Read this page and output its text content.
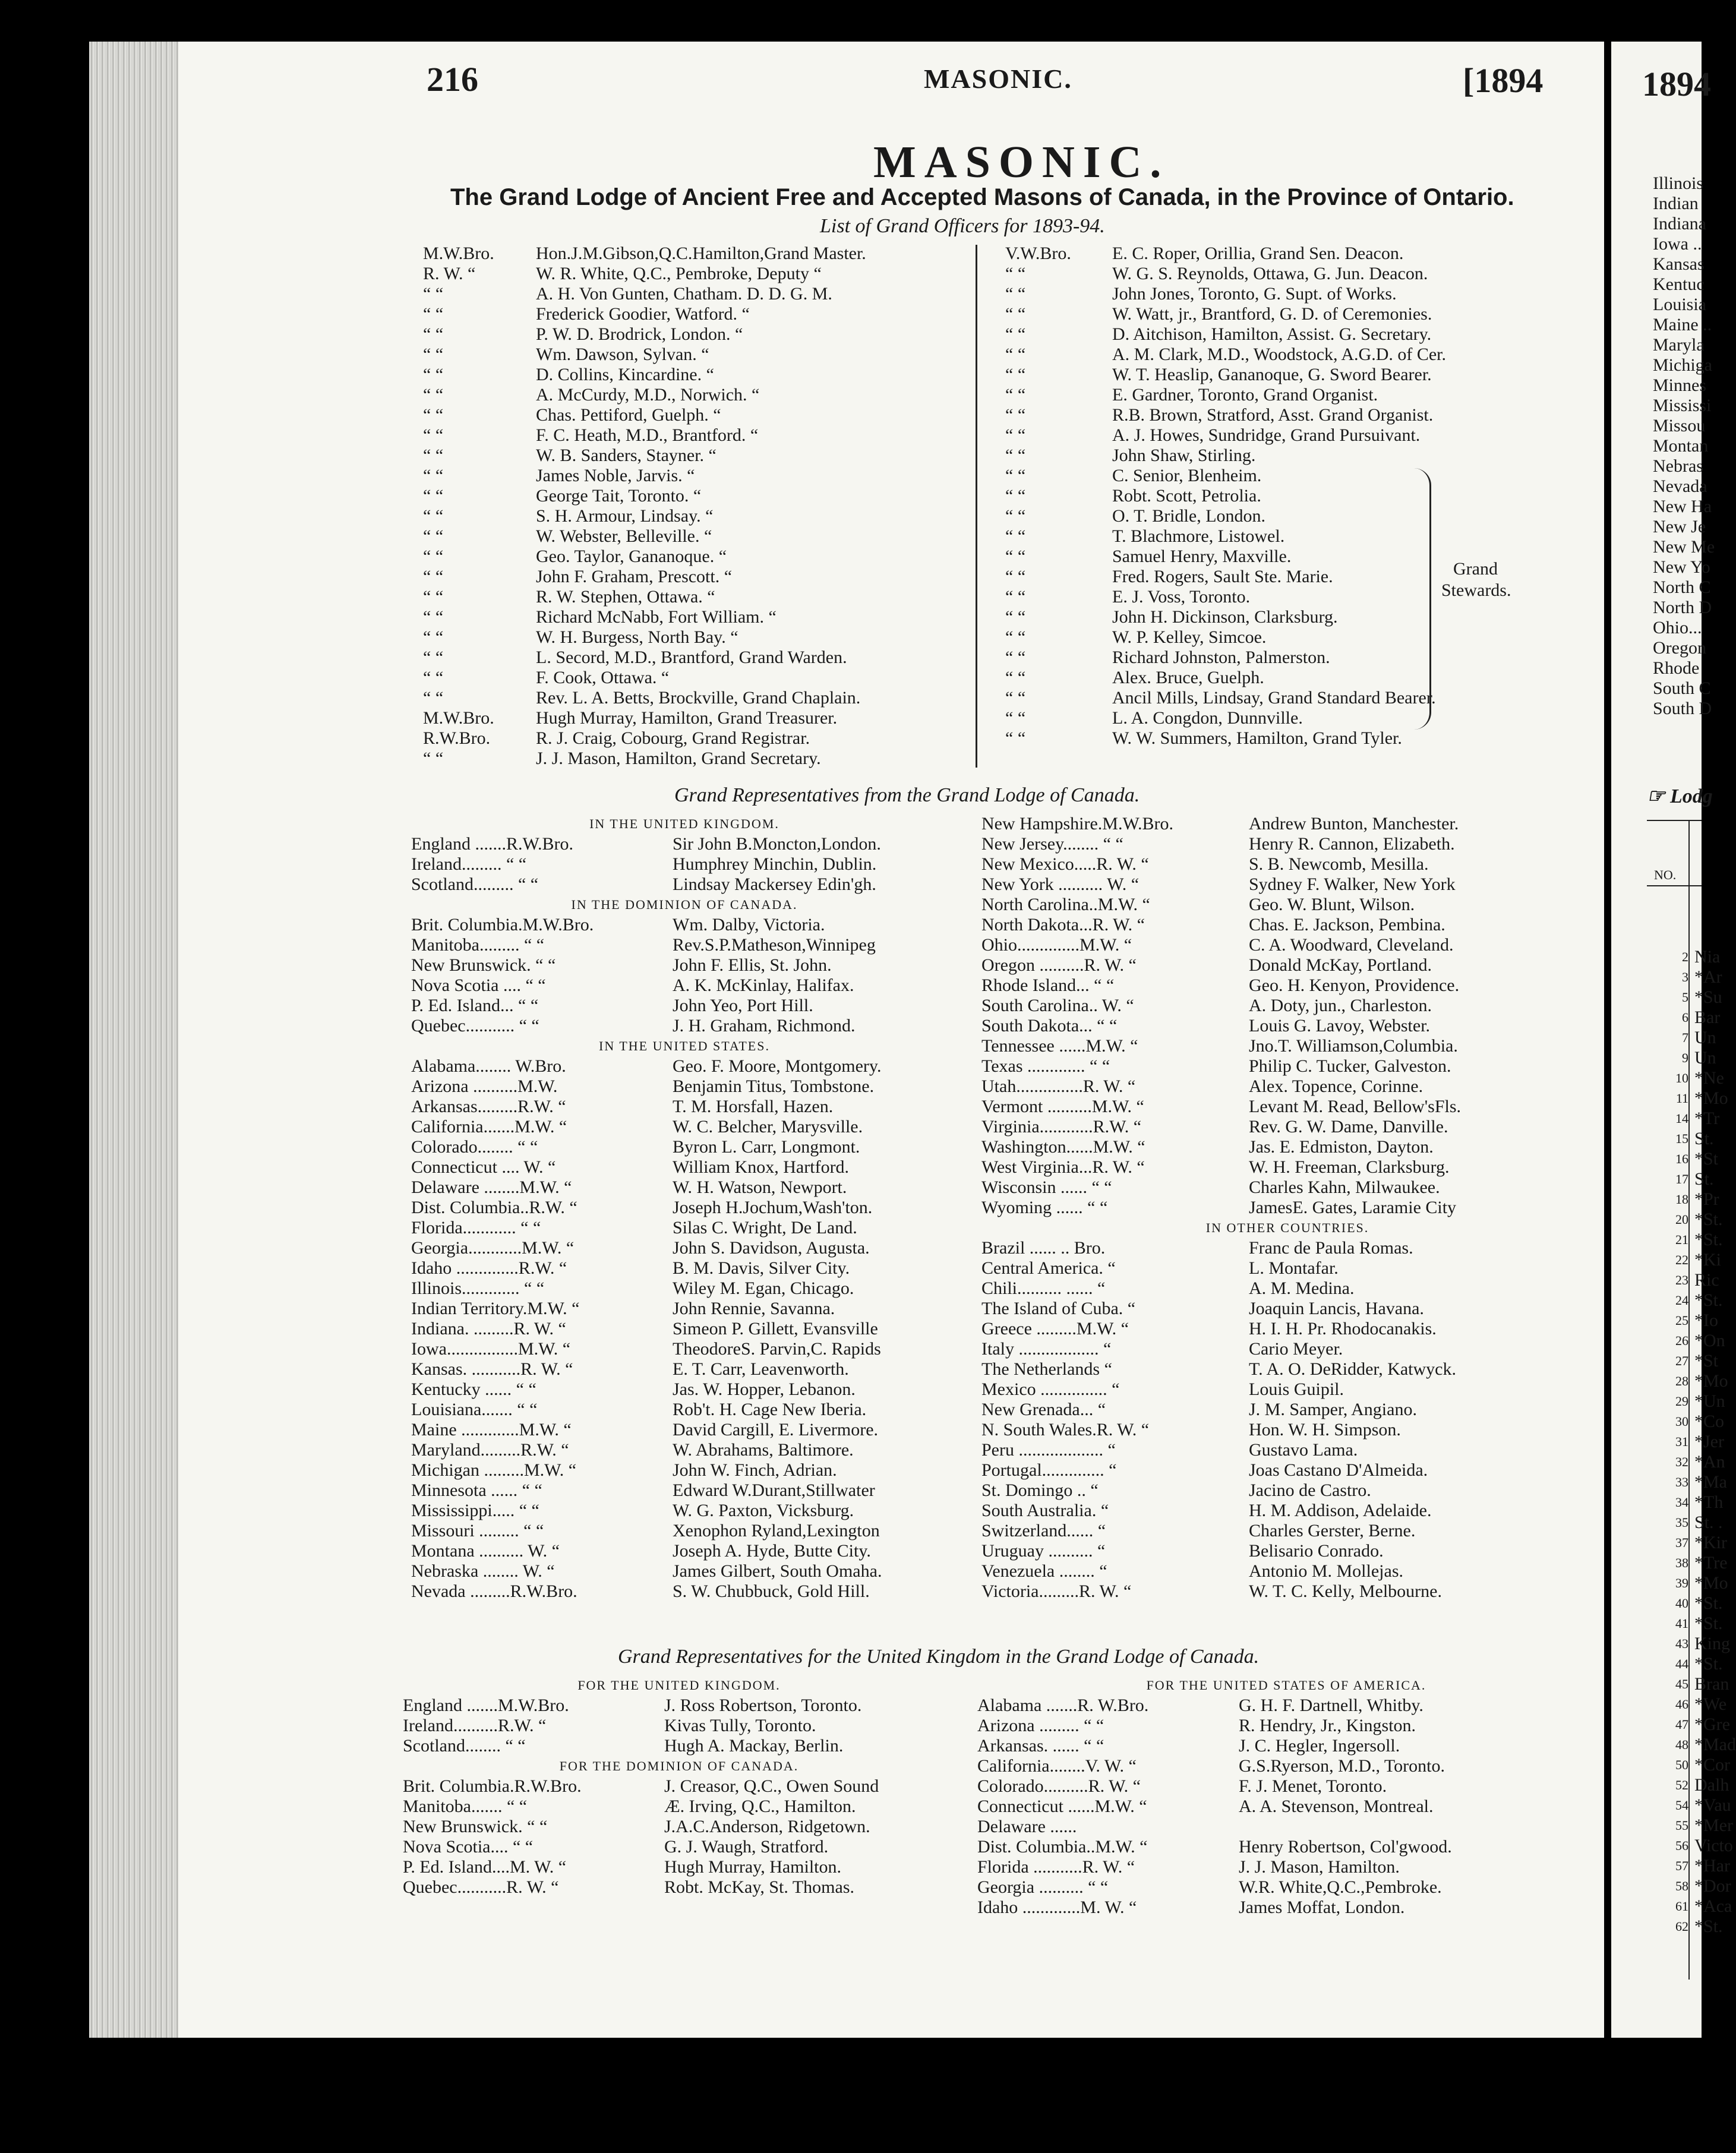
216	MASONIC.	[1894
MASONIC.
The Grand Lodge of Ancient Free and Accepted Masons of Canada, in the Province of Ontario.
List of Grand Officers for 1893-94.
M.W.Bro.	Hon.J.M.Gibson,Q.C.Hamilton,Grand Master.
R. W. “	W. R. White, Q.C., Pembroke, Deputy “
“ “	A. H. Von Gunten, Chatham. D. D. G. M.
“ “	Frederick Goodier, Watford. “
“ “	P. W. D. Brodrick, London. “
“ “	Wm. Dawson, Sylvan. “
“ “	D. Collins, Kincardine. “
“ “	A. McCurdy, M.D., Norwich. “
“ “	Chas. Pettiford, Guelph. “
“ “	F. C. Heath, M.D., Brantford. “
“ “	W. B. Sanders, Stayner. “
“ “	James Noble, Jarvis. “
“ “	George Tait, Toronto. “
“ “	S. H. Armour, Lindsay. “
“ “	W. Webster, Belleville. “
“ “	Geo. Taylor, Gananoque. “
“ “	John F. Graham, Prescott. “
“ “	R. W. Stephen, Ottawa. “
“ “	Richard McNabb, Fort William. “
“ “	W. H. Burgess, North Bay. “
“ “	L. Secord, M.D., Brantford, Grand Warden.
“ “	F. Cook, Ottawa. “
“ “	Rev. L. A. Betts, Brockville, Grand Chaplain.
M.W.Bro.	Hugh Murray, Hamilton, Grand Treasurer.
R.W.Bro.	R. J. Craig, Cobourg, Grand Registrar.
“ “	J. J. Mason, Hamilton, Grand Secretary.
V.W.Bro.	E. C. Roper, Orillia, Grand Sen. Deacon.
“ “	W. G. S. Reynolds, Ottawa, G. Jun. Deacon.
“ “	John Jones, Toronto, G. Supt. of Works.
“ “	W. Watt, jr., Brantford, G. D. of Ceremonies.
“ “	D. Aitchison, Hamilton, Assist. G. Secretary.
“ “	A. M. Clark, M.D., Woodstock, A.G.D. of Cer.
“ “	W. T. Heaslip, Gananoque, G. Sword Bearer.
“ “	E. Gardner, Toronto, Grand Organist.
“ “	R.B. Brown, Stratford, Asst. Grand Organist.
“ “	A. J. Howes, Sundridge, Grand Pursuivant.
“ “	John Shaw, Stirling.
“ “	C. Senior, Blenheim.
“ “	Robt. Scott, Petrolia.
“ “	O. T. Bridle, London.
“ “	T. Blachmore, Listowel.
“ “	Samuel Henry, Maxville.
“ “	Fred. Rogers, Sault Ste. Marie.
“ “	E. J. Voss, Toronto.
“ “	John H. Dickinson, Clarksburg.
“ “	W. P. Kelley, Simcoe.
“ “	Richard Johnston, Palmerston.
“ “	Alex. Bruce, Guelph.
“ “	Ancil Mills, Lindsay, Grand Standard Bearer.
“ “	L. A. Congdon, Dunnville.
“ “	W. W. Summers, Hamilton, Grand Tyler.
Grand
Stewards.
Grand Representatives from the Grand Lodge of Canada.
IN THE UNITED KINGDOM.
England .......R.W.Bro.	Sir John B.Moncton,London.
Ireland......... “ “	Humphrey Minchin, Dublin.
Scotland......... “ “	Lindsay Mackersey Edin'gh.
IN THE DOMINION OF CANADA.
Brit. Columbia.M.W.Bro.	Wm. Dalby, Victoria.
Manitoba......... “ “	Rev.S.P.Matheson,Winnipeg
New Brunswick. “ “	John F. Ellis, St. John.
Nova Scotia .... “ “	A. K. McKinlay, Halifax.
P. Ed. Island... “ “	John Yeo, Port Hill.
Quebec........... “ “	J. H. Graham, Richmond.
IN THE UNITED STATES.
Alabama........ W.Bro.	Geo. F. Moore, Montgomery.
Arizona ..........M.W.	Benjamin Titus, Tombstone.
Arkansas.........R.W. “	T. M. Horsfall, Hazen.
California.......M.W. “	W. C. Belcher, Marysville.
Colorado........ “ “	Byron L. Carr, Longmont.
Connecticut .... W. “	William Knox, Hartford.
Delaware ........M.W. “	W. H. Watson, Newport.
Dist. Columbia..R.W. “	Joseph H.Jochum,Wash'ton.
Florida............ “ “	Silas C. Wright, De Land.
Georgia............M.W. “	John S. Davidson, Augusta.
Idaho ..............R.W. “	B. M. Davis, Silver City.
Illinois............. “ “	Wiley M. Egan, Chicago.
Indian Territory.M.W. “	John Rennie, Savanna.
Indiana. .........R. W. “	Simeon P. Gillett, Evansville
Iowa................M.W. “	TheodoreS. Parvin,C. Rapids
Kansas. ...........R. W. “	E. T. Carr, Leavenworth.
Kentucky ...... “ “	Jas. W. Hopper, Lebanon.
Louisiana....... “ “	Rob't. H. Cage New Iberia.
Maine .............M.W. “	David Cargill, E. Livermore.
Maryland.........R.W. “	W. Abrahams, Baltimore.
Michigan .........M.W. “	John W. Finch, Adrian.
Minnesota ...... “ “	Edward W.Durant,Stillwater
Mississippi..... “ “	W. G. Paxton, Vicksburg.
Missouri ......... “ “	Xenophon Ryland,Lexington
Montana .......... W. “	Joseph A. Hyde, Butte City.
Nebraska ........ W. “	James Gilbert, South Omaha.
Nevada .........R.W.Bro.	S. W. Chubbuck, Gold Hill.
New Hampshire.M.W.Bro.	Andrew Bunton, Manchester.
New Jersey........ “ “	Henry R. Cannon, Elizabeth.
New Mexico.....R. W. “	S. B. Newcomb, Mesilla.
New York .......... W. “	Sydney F. Walker, New York
North Carolina..M.W. “	Geo. W. Blunt, Wilson.
North Dakota...R. W. “	Chas. E. Jackson, Pembina.
Ohio..............M.W. “	C. A. Woodward, Cleveland.
Oregon ..........R. W. “	Donald McKay, Portland.
Rhode Island... “ “	Geo. H. Kenyon, Providence.
South Carolina.. W. “	A. Doty, jun., Charleston.
South Dakota... “ “	Louis G. Lavoy, Webster.
Tennessee ......M.W. “	Jno.T. Williamson,Columbia.
Texas ............. “ “	Philip C. Tucker, Galveston.
Utah...............R. W. “	Alex. Topence, Corinne.
Vermont ..........M.W. “	Levant M. Read, Bellow'sFls.
Virginia............R.W. “	Rev. G. W. Dame, Danville.
Washington......M.W. “	Jas. E. Edmiston, Dayton.
West Virginia...R. W. “	W. H. Freeman, Clarksburg.
Wisconsin ...... “ “	Charles Kahn, Milwaukee.
Wyoming ...... “ “	JamesE. Gates, Laramie City
IN OTHER COUNTRIES.
Brazil ...... .. Bro.	Franc de Paula Romas.
Central America. “	L. Montafar.
Chili.......... ...... “	A. M. Medina.
The Island of Cuba. “	Joaquin Lancis, Havana.
Greece .........M.W. “	H. I. H. Pr. Rhodocanakis.
Italy .................. “	Cario Meyer.
The Netherlands “	T. A. O. DeRidder, Katwyck.
Mexico ............... “	Louis Guipil.
New Grenada... “	J. M. Samper, Angiano.
N. South Wales.R. W. “	Hon. W. H. Simpson.
Peru ................... “	Gustavo Lama.
Portugal.............. “	Joas Castano D'Almeida.
St. Domingo .. “	Jacino de Castro.
South Australia. “	H. M. Addison, Adelaide.
Switzerland...... “	Charles Gerster, Berne.
Uruguay .......... “	Belisario Conrado.
Venezuela ........ “	Antonio M. Mollejas.
Victoria.........R. W. “	W. T. C. Kelly, Melbourne.
Grand Representatives for the United Kingdom in the Grand Lodge of Canada.
FOR THE UNITED KINGDOM.
England .......M.W.Bro.	J. Ross Robertson, Toronto.
Ireland..........R.W. “	Kivas Tully, Toronto.
Scotland........ “ “	Hugh A. Mackay, Berlin.
FOR THE DOMINION OF CANADA.
Brit. Columbia.R.W.Bro.	J. Creasor, Q.C., Owen Sound
Manitoba....... “ “	Æ. Irving, Q.C., Hamilton.
New Brunswick. “ “	J.A.C.Anderson, Ridgetown.
Nova Scotia.... “ “	G. J. Waugh, Stratford.
P. Ed. Island....M. W. “	Hugh Murray, Hamilton.
Quebec...........R. W. “	Robt. McKay, St. Thomas.
FOR THE UNITED STATES OF AMERICA.
Alabama .......R. W.Bro.	G. H. F. Dartnell, Whitby.
Arizona ......... “ “	R. Hendry, Jr., Kingston.
Arkansas. ...... “ “	J. C. Hegler, Ingersoll.
California........V. W. “	G.S.Ryerson, M.D., Toronto.
Colorado..........R. W. “	F. J. Menet, Toronto.
Connecticut ......M.W. “	A. A. Stevenson, Montreal.
Delaware ......
Dist. Columbia..M.W. “	Henry Robertson, Col'gwood.
Florida ...........R. W. “	J. J. Mason, Hamilton.
Georgia .......... “ “	W.R. White,Q.C.,Pembroke.
Idaho .............M. W. “	James Moffat, London.
1894
Illinois
Indian
Indiana
Iowa ..
Kansas
Kentuc
Louisia
Maine ..
Maryla
Michiga
Minnes
Mississi
Missou
Montan
Nebras
Nevada
New Ha
New Je
New Me
New Yo
North C
North D
Ohio...
Oregon
Rhode
South C
South D
☞ Lodg
NO.
2 Nia
3 *Ar
5 *Su
6 Bar
7 Un
9 Un
10 *Ne
11 *Mo
14 *Tr
15 St.
16 *St
17 St.
18 *Pr
20 *St.
21 *St.
22 *Ki
23 Ric
24 *St.
25 *Io
26 *On
27 *St
28 *Mo
29 *Un
30 *Co
31 *Jer
32 *An
33 *Ma
34 *Th
35 St. .
37 *Kir
38 *Tre
39 *Mo
40 *St.
41 *St.
43 King
44 *St.
45 Bran
46 *We
47 *Gre
48 *Mad
50 *Cor
52 Dalh
54 *Vau
55 *Mer
56 Victo
57 *Har
58 *Dor
61 *Aca
62 *St.
